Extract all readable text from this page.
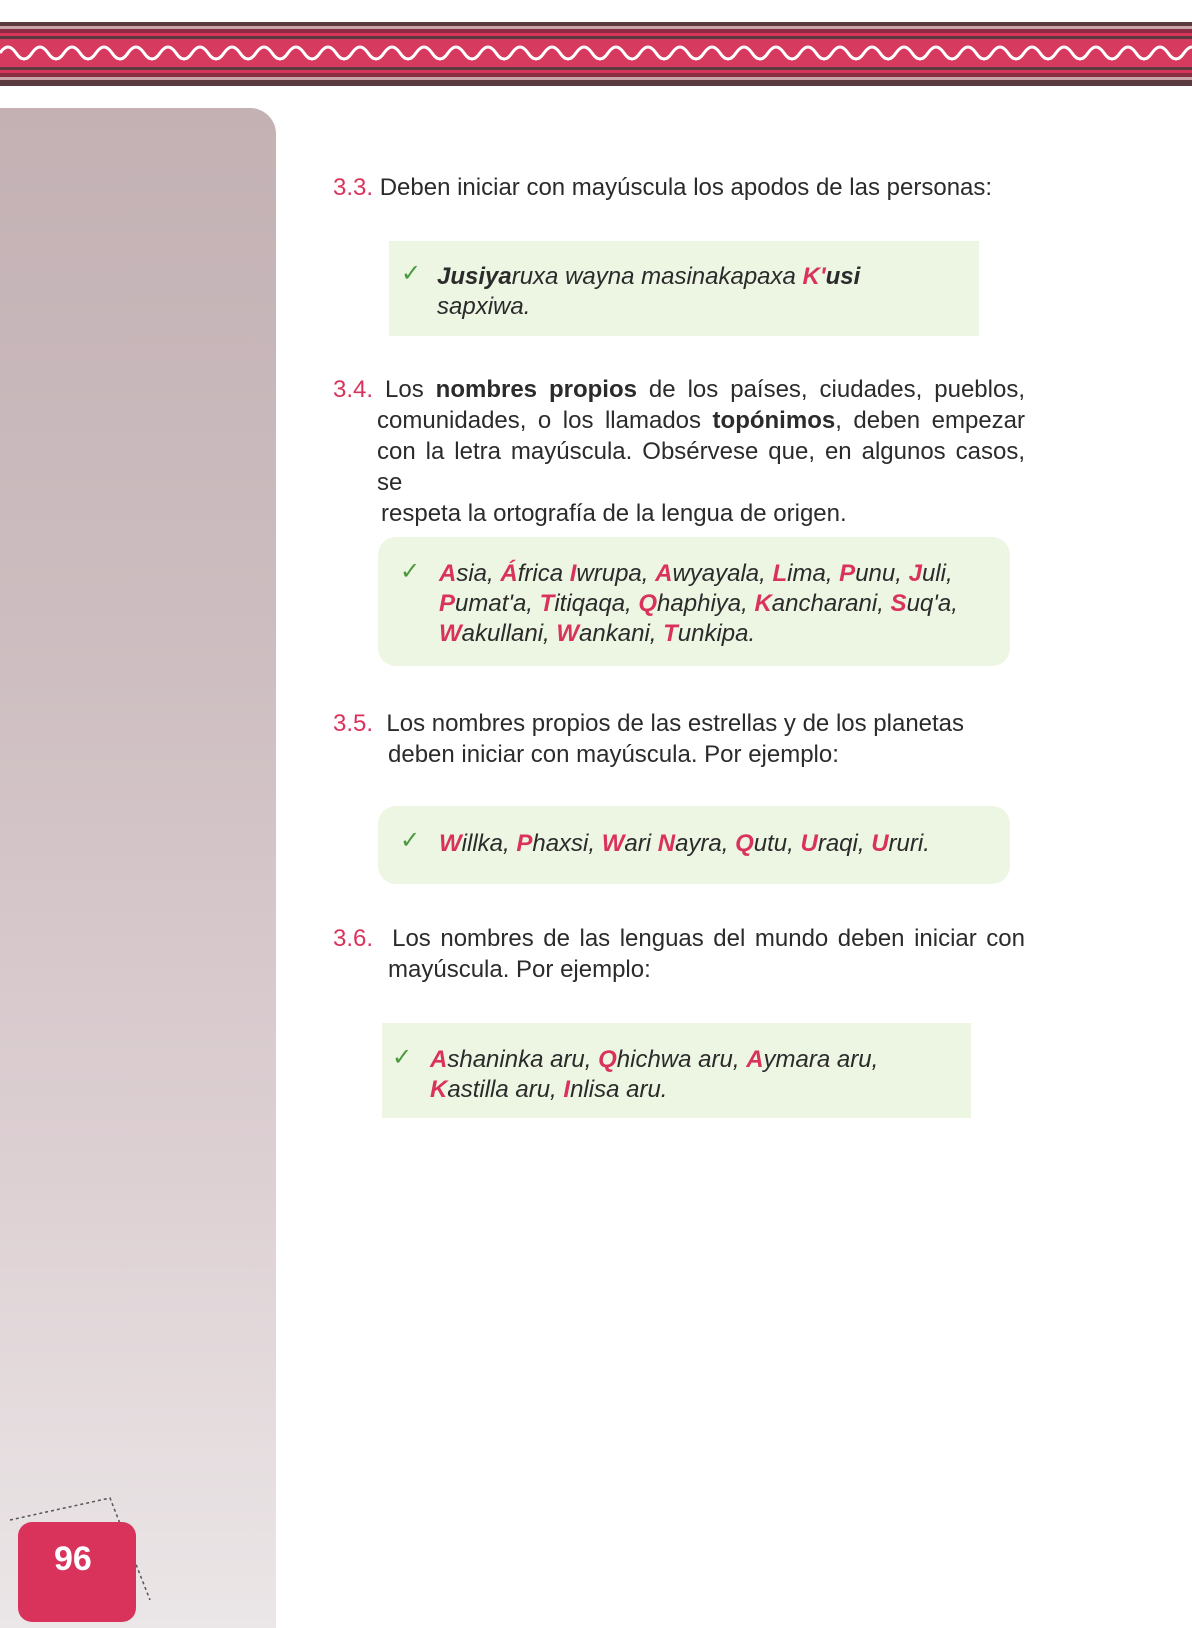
96
3.3. Deben iniciar con mayúscula los apodos de las personas:
✓ Jusiyaruxa wayna masinakapaxa K'usi
sapxiwa.
3.4. Los nombres propios de los países, ciudades, pueblos,
comunidades, o los llamados topónimos, deben empezar
con la letra mayúscula. Obsérvese que, en algunos casos, se
respeta la ortografía de la lengua de origen.
✓ Asia, África Iwrupa, Awyayala, Lima, Punu, Juli,
Pumat'a, Titiqaqa, Qhaphiya, Kancharani, Suq'a,
Wakullani, Wankani, Tunkipa.
3.5. Los nombres propios de las estrellas y de los planetas
deben iniciar con mayúscula. Por ejemplo:
✓ Willka, Phaxsi, Wari Nayra, Qutu, Uraqi, Ururi.
3.6. Los nombres de las lenguas del mundo deben iniciar con
mayúscula. Por ejemplo:
✓ Ashaninka aru, Qhichwa aru, Aymara aru,
Kastilla aru, Inlisa aru.
